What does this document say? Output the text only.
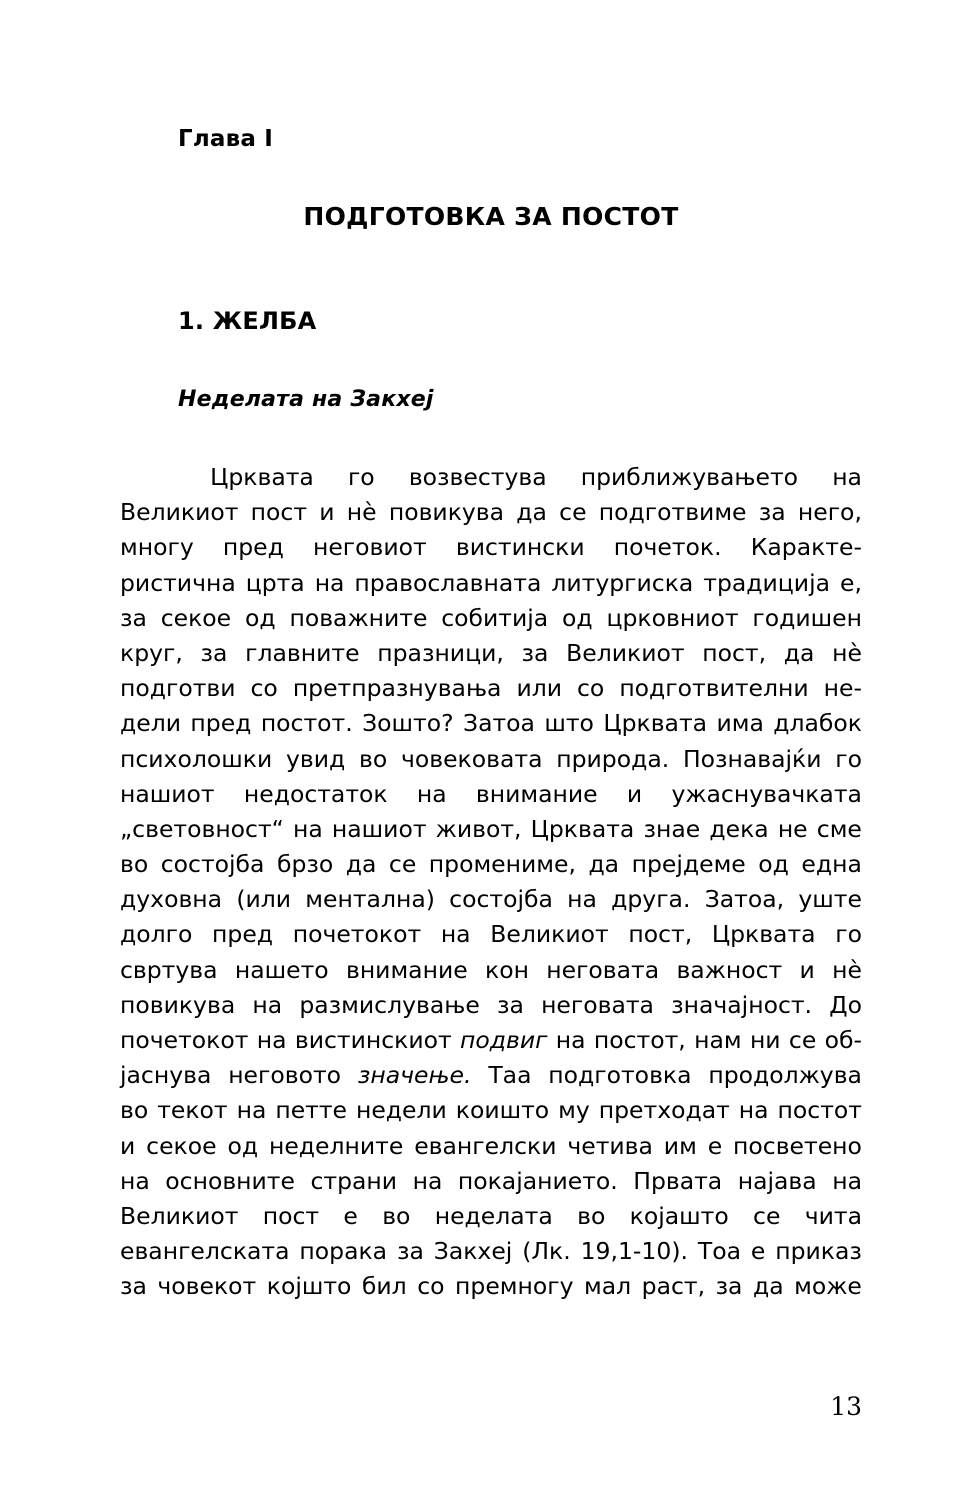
Глава I
ПОДГОТОВКА ЗА ПОСТОТ
1. ЖЕЛБА
Неделата на Закхеј
Црквата го возвестува приближувањето на
Великиот пост и нè повикува да се подготвиме за него,
многу пред неговиот вистински почеток. Каракте-
ристична црта на православната литургиска традиција е,
за секое од поважните собитија од црковниот годишен
круг, за главните празници, за Великиот пост, да нè
подготви со претпразнувања или со подготвителни не-
дели пред постот. Зошто? Затоа што Црквата има длабок
психолошки увид во човековата природа. Познавајќи го
нашиот недостаток на внимание и ужаснувачката
„световност“ на нашиот живот, Црквата знае дека не сме
во состојба брзо да се промениме, да прејдеме од една
духовна (или ментална) состојба на друга. Затоа, уште
долго пред почетокот на Великиот пост, Црквата го
свртува нашето внимание кон неговата важност и нè
повикува на размислување за неговата значајност. До
почетокот на вистинскиот подвиг на постот, нам ни се об-
јаснува неговото значење. Таа подготовка продолжува
во текот на петте недели коишто му претходат на постот
и секое од неделните евангелски четива им е посветено
на основните страни на покајанието. Првата најава на
Великиот пост е во неделата во којашто се чита
евангелската порака за Закхеј (Лк. 19,1-10). Тоа е приказ
за човекот којшто бил со премногу мал раст, за да може
13
